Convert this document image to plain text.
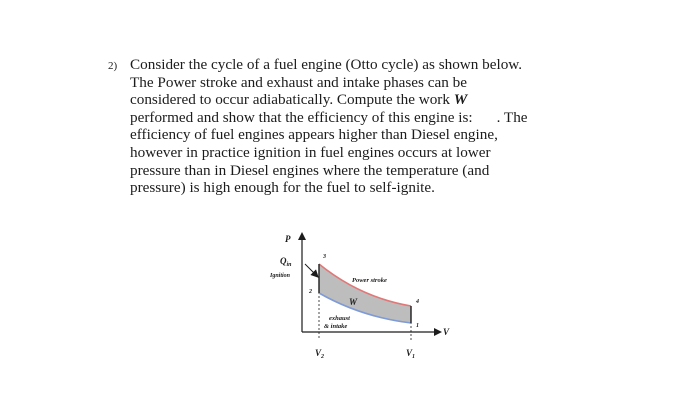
2) Consider the cycle of a fuel engine (Otto cycle) as shown below.
The Power stroke and exhaust and intake phases can be
considered to occur adiabatically. Compute the work W
performed and show that the efficiency of this engine is: . The
efficiency of fuel engines appears higher than Diesel engine,
however in practice ignition in fuel engines occurs at lower
pressure than in Diesel engines where the temperature (and
pressure) is high enough for the fuel to self-ignite.
P
V
$Q_{in}$
Ignition
Power stroke
W
exhaust
& intake
$V_2$	$V_1$
3
2
4
1
